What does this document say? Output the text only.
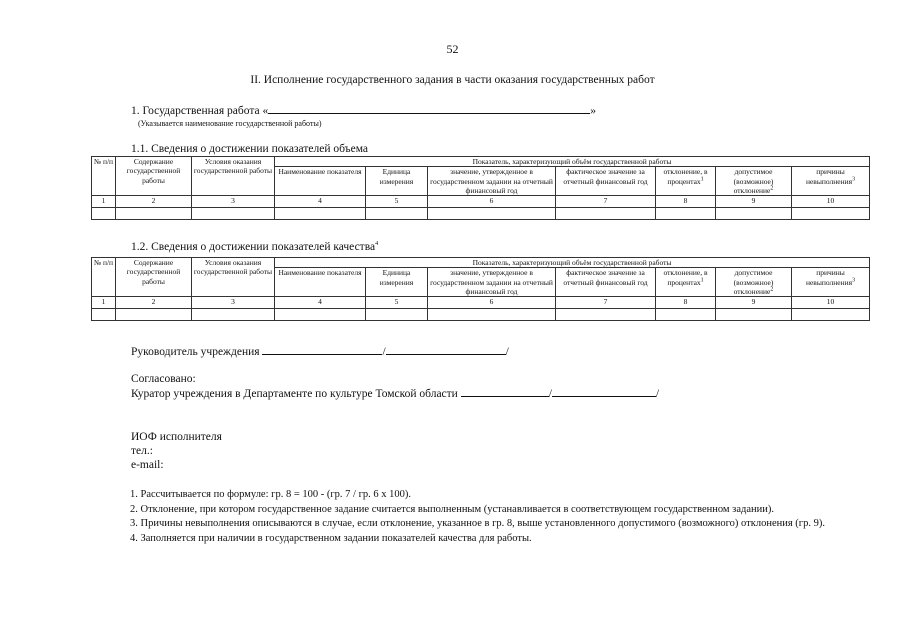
52
II. Исполнение государственного задания в части оказания государственных работ
1. Государственная работа «	»
(Указывается наименование государственной работы)
1.1. Сведения о достижении показателей объема
№ п/п	Содержание государственной работы	Условия оказания государственной работы	Показатель, характеризующий объём государственной работы						
			Наименование показателя	Единица измерения	значение, утвержденное в государственном задании на отчетный финансовый год	фактическое значение за отчетный финансовый год	отклонение, в процентах$^1$	допустимое (возможное) отклонение$^2$	причины невыполнения$^3$
1	2	3	4	5	6	7	8	9	10

1.2. Сведения о достижении показателей качества$^4$
№ п/п	Содержание государственной работы	Условия оказания государственной работы	Показатель, характеризующий объём государственной работы						
			Наименование показателя	Единица измерения	значение, утвержденное в государственном задании на отчетный финансовый год	фактическое значение за отчетный финансовый год	отклонение, в процентах$^1$	допустимое (возможное) отклонение$^2$	причины невыполнения$^3$
1	2	3	4	5	6	7	8	9	10

Руководитель учреждения	/	/
Согласовано:
Куратор учреждения в Департаменте по культуре Томской области	/	/
ИОФ исполнителя
тел.:
e-mail:

1. Рассчитывается по формуле: гр. 8 = 100 - (гр. 7 / гр. 6 х 100).

2. Отклонение, при котором государственное задание считается выполненным (устанавливается в соответствующем государственном задании).

3. Причины невыполнения описываются в случае, если отклонение, указанное в гр. 8, выше установленного допустимого (возможного) отклонения (гр. 9).

4. Заполняется при наличии в государственном задании показателей качества для работы.
